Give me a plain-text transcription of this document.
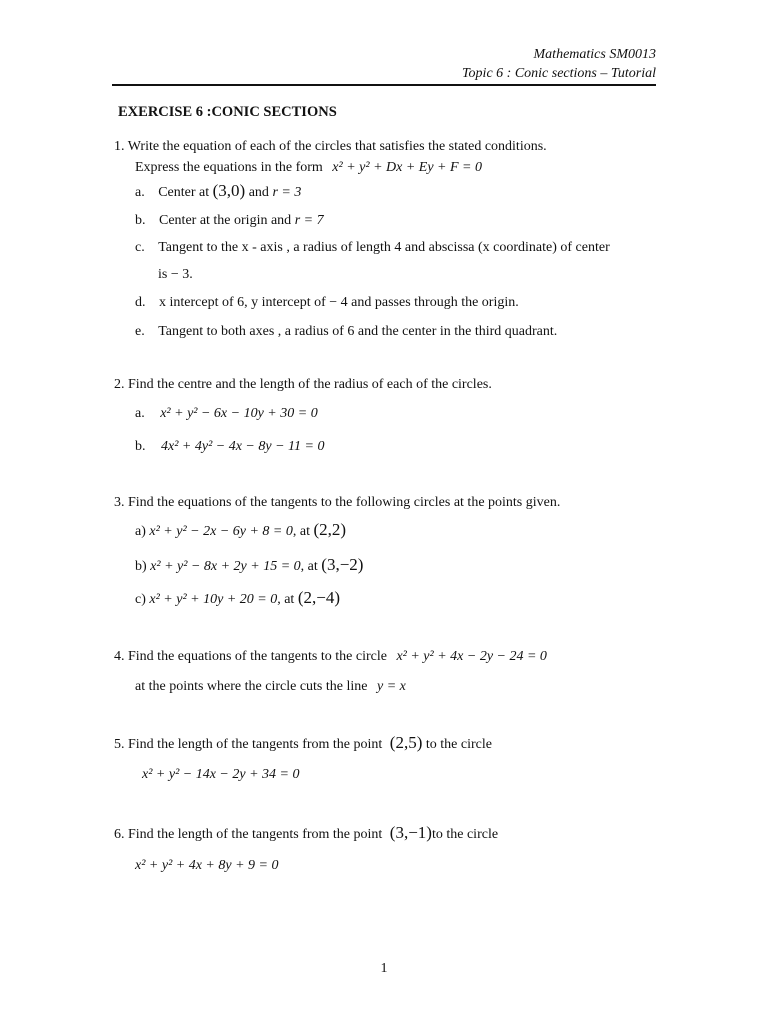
Mathematics SM0013
Topic 6 : Conic sections – Tutorial
EXERCISE 6 :CONIC SECTIONS
1. Write the equation of each of the circles that satisfies the stated conditions.
Express the equations in the form x² + y² + Dx + Ey + F = 0
a. Center at (3,0) and r = 3
b. Center at the origin and r = 7
c. Tangent to the x - axis , a radius of length 4 and abscissa (x coordinate) of center
is − 3.
d. x intercept of 6, y intercept of − 4 and passes through the origin.
e. Tangent to both axes , a radius of 6 and the center in the third quadrant.
2. Find the centre and the length of the radius of each of the circles.
a. x² + y² − 6x − 10y + 30 = 0
b. 4x² + 4y² − 4x − 8y − 11 = 0
3. Find the equations of the tangents to the following circles at the points given.
a) x² + y² − 2x − 6y + 8 = 0, at (2,2)
b) x² + y² − 8x + 2y + 15 = 0, at (3,−2)
c) x² + y² + 10y + 20 = 0, at (2,−4)
4. Find the equations of the tangents to the circle x² + y² + 4x − 2y − 24 = 0
at the points where the circle cuts the line y = x
5. Find the length of the tangents from the point (2,5) to the circle
x² + y² − 14x − 2y + 34 = 0
6. Find the length of the tangents from the point (3,−1)to the circle
x² + y² + 4x + 8y + 9 = 0
1
